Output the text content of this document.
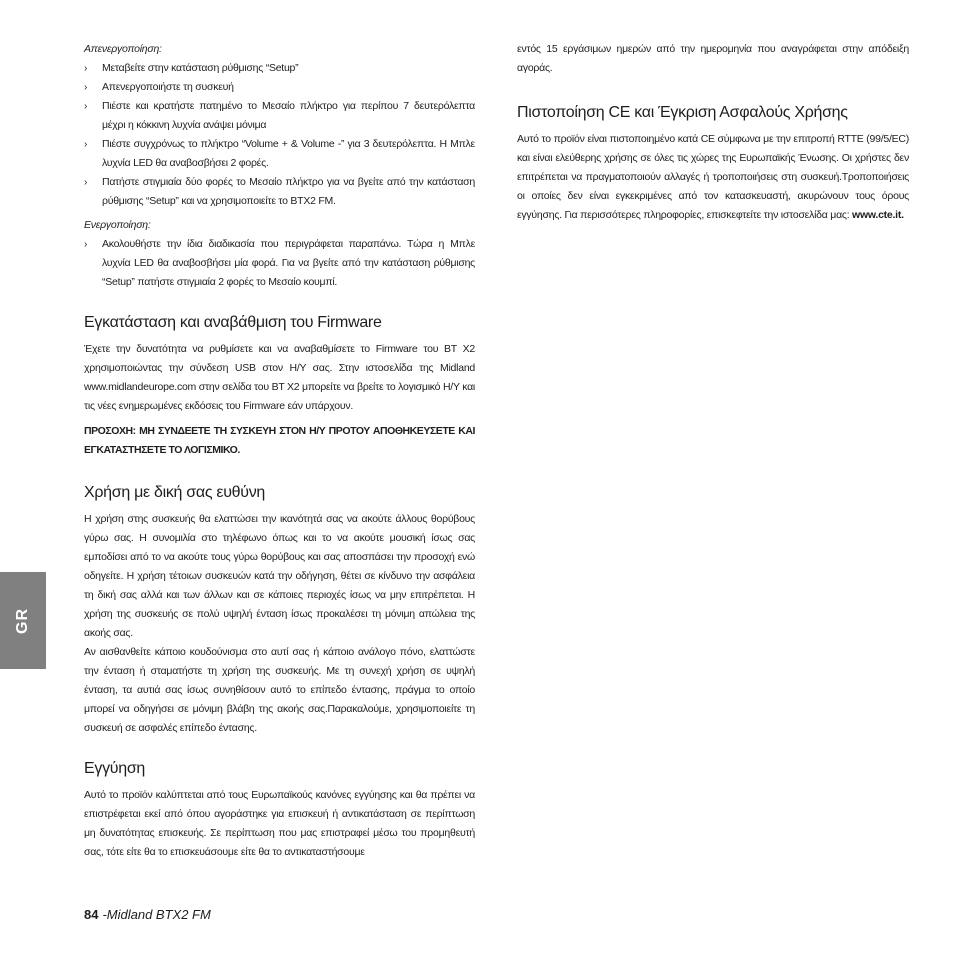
Απενεργοποίηση:

› Μεταβείτε στην κατάσταση ρύθμισης “Setup”
› Απενεργοποιήστε τη συσκευή
› Πιέστε και κρατήστε πατημένο το Μεσαίο πλήκτρο για περίπου 7 δευτερόλεπτα μέχρι η κόκκινη λυχνία ανάψει μόνιμα
› Πιέστε συγχρόνως το πλήκτρο “Volume + & Volume -” για 3 δευτερόλεπτα. Η Μπλε λυχνία LED θα αναβοσβήσει 2 φορές.
› Πατήστε στιγμιαία δύο φορές το Μεσαίο πλήκτρο για να βγείτε από την κατάσταση ρύθμισης “Setup” και να χρησιμοποιείτε το BTX2 FM.

Ενεργοποίηση:

› Ακολουθήστε την ίδια διαδικασία που περιγράφεται παραπάνω. Τώρα η Μπλε λυχνία LED θα αναβοσβήσει μία φορά. Για να βγείτε από την κατάσταση ρύθμισης “Setup” πατήστε στιγμιαία 2 φορές το Μεσαίο κουμπί.
Εγκατάσταση και αναβάθμιση του Firmware

Έχετε την δυνατότητα να ρυθμίσετε και να αναβαθμίσετε το Firmware του BT X2 χρησιμοποιώντας την σύνδεση USB στον Η/Υ σας. Στην ιστοσελίδα της Midland www.midlandeurope.com στην σελίδα του BT X2 μπορείτε να βρείτε το λογισμικό Η/Υ και τις νέες ενημερωμένες εκδόσεις του Firmware εάν υπάρχουν.

ΠΡΟΣΟΧΗ: ΜΗ ΣΥΝΔΕΕΤΕ ΤΗ ΣΥΣΚΕΥΗ ΣΤΟΝ Η/Υ ΠΡΟΤΟΥ ΑΠΟΘΗΚΕΥΣΕΤΕ ΚΑΙ ΕΓΚΑΤΑΣΤΗΣΕΤΕ ΤΟ ΛΟΓΙΣΜΙΚΟ.

Χρήση με δική σας ευθύνη

Η χρήση στης συσκευής θα ελαττώσει την ικανότητά σας να ακούτε άλλους θορύβους γύρω σας. Η συνομιλία στο τηλέφωνο όπως και το να ακούτε μουσική ίσως σας εμποδίσει από το να ακούτε τους γύρω θορύβους και σας αποσπάσει την προσοχή ενώ οδηγείτε. Η χρήση τέτοιων συσκευών κατά την οδήγηση, θέτει σε κίνδυνο την ασφάλεια τη δική σας αλλά και των άλλων και σε κάποιες περιοχές ίσως να μην επιτρέπεται. Η χρήση της συσκευής σε πολύ υψηλή ένταση ίσως προκαλέσει τη μόνιμη απώλεια της ακοής σας.

Αν αισθανθείτε κάποιο κουδούνισμα στο αυτί σας ή κάποιο ανάλογο πόνο, ελαττώστε την ένταση ή σταματήστε τη χρήση της συσκευής. Με τη συνεχή χρήση σε υψηλή ένταση, τα αυτιά σας ίσως συνηθίσουν αυτό το επίπεδο έντασης, πράγμα το οποίο μπορεί να οδηγήσει σε μόνιμη βλάβη της ακοής σας.Παρακαλούμε, χρησιμοποιείτε τη συσκευή σε ασφαλές επίπεδο έντασης.

Εγγύηση

Αυτό το προϊόν καλύπτεται από τους Ευρωπαϊκούς κανόνες εγγύησης και θα πρέπει να επιστρέφεται εκεί από όπου αγοράστηκε για επισκευή ή αντικατάσταση σε περίπτωση μη δυνατότητας επισκευής. Σε περίπτωση που μας επιστραφεί μέσω του προμηθευτή σας, τότε είτε θα το επισκευάσουμε είτε θα το αντικαταστήσουμε

εντός 15 εργάσιμων ημερών από την ημερομηνία που αναγράφεται στην απόδειξη αγοράς.

Πιστοποίηση CE και Έγκριση Ασφαλούς Χρήσης

Αυτό το προϊόν είναι πιστοποιημένο κατά CE σύμφωνα με την επιτροπή RTTE (99/5/EC) και είναι ελεύθερης χρήσης σε όλες τις χώρες της Ευρωπαϊκής Ένωσης. Οι χρήστες δεν επιτρέπεται να πραγματοποιούν αλλαγές ή τροποποιήσεις στη συσκευή.Τροποποιήσεις οι οποίες δεν είναι εγκεκριμένες από τον κατασκευαστή, ακυρώνουν τους όρους εγγύησης. Για περισσότερες πληροφορίες, επισκεφτείτε την ιστοσελίδα μας: www.cte.it.

84 -Midland BTX2 FM
GR
